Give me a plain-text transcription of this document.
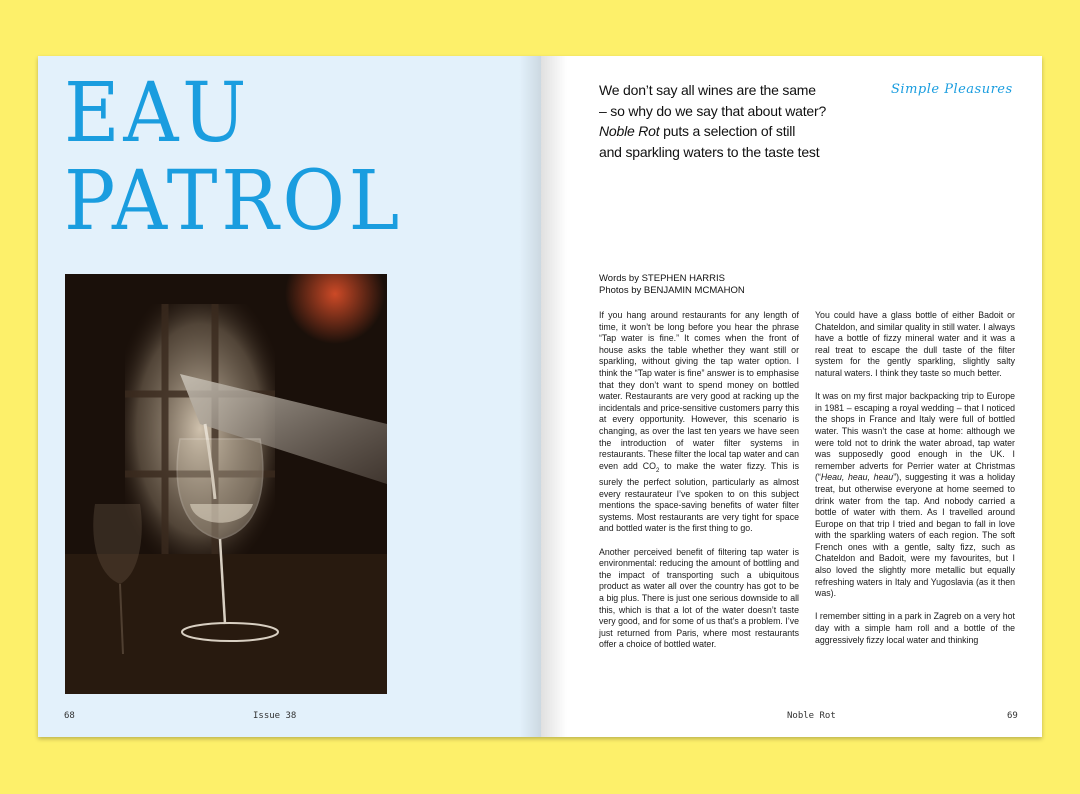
EAU
PATROL
68	Issue 38
We don’t say all wines are the same
– so why do we say that about water?
Noble Rot puts a selection of still
and sparkling waters to the taste test
Simple Pleasures
Words by STEPHEN HARRIS
Photos by BENJAMIN MCMAHON

If you hang around restaurants for any length of time, it won’t be long before you hear the phrase “Tap water is fine.” It comes when the front of house asks the table whether they want still or sparkling, without giving the tap water option. I think the “Tap water is fine” answer is to emphasise that they don’t want to spend money on bottled water. Restaurants are very good at racking up the incidentals and price-sensitive customers parry this at every opportunity. However, this scenario is changing, as over the last ten years we have seen the introduction of water filter systems in restaurants. These filter the local tap water and can even add $CO_2$ to make the water fizzy. This is surely the perfect solution, particularly as almost every restaurateur I’ve spoken to on this subject mentions the space-saving benefits of water filter systems. Most restaurants are very tight for space and bottled water is the first thing to go.

Another perceived benefit of filtering tap water is environmental: reducing the amount of bottling and the impact of transporting such a ubiquitous product as water all over the country has got to be a big plus. There is just one serious downside to all this, which is that a lot of the water doesn’t taste very good, and for some of us that’s a problem. I’ve just returned from Paris, where most restaurants offer a choice of bottled water.

You could have a glass bottle of either Badoit or Chateldon, and similar quality in still water. I always have a bottle of fizzy mineral water and it was a real treat to escape the dull taste of the filter system for the gently sparkling, slightly salty natural waters. I think they taste so much better.

It was on my first major backpacking trip to Europe in 1981 – escaping a royal wedding – that I noticed the shops in France and Italy were full of bottled water. This wasn’t the case at home: although we were told not to drink the water abroad, tap water was supposedly good enough in the UK. I remember adverts for Perrier water at Christmas (“Heau, heau, heau”), suggesting it was a holiday treat, but otherwise everyone at home seemed to drink water from the tap. And nobody carried a bottle of water with them. As I travelled around Europe on that trip I tried and began to fall in love with the sparkling waters of each region. The soft French ones with a gentle, salty fizz, such as Chateldon and Badoit, were my favourites, but I also loved the slightly more metallic but equally refreshing waters in Italy and Yugoslavia (as it then was).

I remember sitting in a park in Zagreb on a very hot day with a simple ham roll and a bottle of the aggressively fizzy local water and thinking

Noble Rot	69
